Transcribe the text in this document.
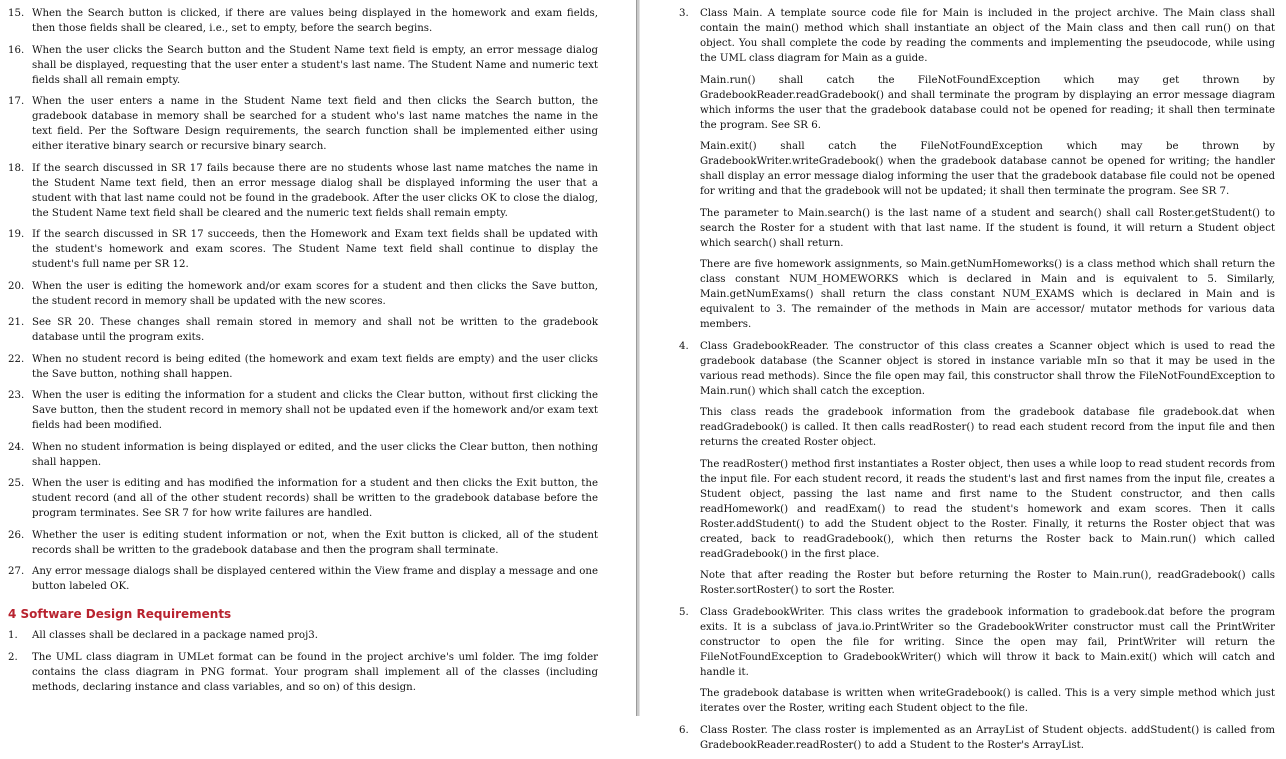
15. When the Search button is clicked, if there are values being displayed in the homework and exam fields, then those fields shall be cleared, i.e., set to empty, before the search begins.
16. When the user clicks the Search button and the Student Name text field is empty, an error message dialog shall be displayed, requesting that the user enter a student's last name. The Student Name and numeric text fields shall all remain empty.
17. When the user enters a name in the Student Name text field and then clicks the Search button, the gradebook database in memory shall be searched for a student who's last name matches the name in the text field. Per the Software Design requirements, the search function shall be implemented either using either iterative binary search or recursive binary search.
18. If the search discussed in SR 17 fails because there are no students whose last name matches the name in the Student Name text field, then an error message dialog shall be displayed informing the user that a student with that last name could not be found in the gradebook. After the user clicks OK to close the dialog, the Student Name text field shall be cleared and the numeric text fields shall remain empty.
19. If the search discussed in SR 17 succeeds, then the Homework and Exam text fields shall be updated with the student's homework and exam scores. The Student Name text field shall continue to display the student's full name per SR 12.
20. When the user is editing the homework and/or exam scores for a student and then clicks the Save button, the student record in memory shall be updated with the new scores.
21. See SR 20. These changes shall remain stored in memory and shall not be written to the gradebook database until the program exits.
22. When no student record is being edited (the homework and exam text fields are empty) and the user clicks the Save button, nothing shall happen.
23. When the user is editing the information for a student and clicks the Clear button, without first clicking the Save button, then the student record in memory shall not be updated even if the homework and/or exam text fields had been modified.
24. When no student information is being displayed or edited, and the user clicks the Clear button, then nothing shall happen.
25. When the user is editing and has modified the information for a student and then clicks the Exit button, the student record (and all of the other student records) shall be written to the gradebook database before the program terminates. See SR 7 for how write failures are handled.
26. Whether the user is editing student information or not, when the Exit button is clicked, all of the student records shall be written to the gradebook database and then the program shall terminate.
27. Any error message dialogs shall be displayed centered within the View frame and display a message and one button labeled OK.
4 Software Design Requirements
1.	All classes shall be declared in a package named proj3.
2.	The UML class diagram in UMLet format can be found in the project archive's uml folder. The img folder contains the class diagram in PNG format. Your program shall implement all of the classes (including methods, declaring instance and class variables, and so on) of this design.
3.	Class Main. A template source code file for Main is included in the project archive. The Main class shall contain the main() method which shall instantiate an object of the Main class and then call run() on that object. You shall complete the code by reading the comments and implementing the pseudocode, while using the UML class diagram for Main as a guide.
Main.run() shall catch the FileNotFoundException which may get thrown by GradebookReader.readGradebook() and shall terminate the program by displaying an error message diagram which informs the user that the gradebook database could not be opened for reading; it shall then terminate the program. See SR 6.
Main.exit() shall catch the FileNotFoundException which may be thrown by GradebookWriter.writeGradebook() when the gradebook database cannot be opened for writing; the handler shall display an error message dialog informing the user that the gradebook database file could not be opened for writing and that the gradebook will not be updated; it shall then terminate the program. See SR 7.
The parameter to Main.search() is the last name of a student and search() shall call Roster.getStudent() to search the Roster for a student with that last name. If the student is found, it will return a Student object which search() shall return.
There are five homework assignments, so Main.getNumHomeworks() is a class method which shall return the class constant NUM_HOMEWORKS which is declared in Main and is equivalent to 5. Similarly, Main.getNumExams() shall return the class constant NUM_EXAMS which is declared in Main and is equivalent to 3. The remainder of the methods in Main are accessor/ mutator methods for various data members.
4.	Class GradebookReader. The constructor of this class creates a Scanner object which is used to read the gradebook database (the Scanner object is stored in instance variable mIn so that it may be used in the various read methods). Since the file open may fail, this constructor shall throw the FileNotFoundException to Main.run() which shall catch the exception.
This class reads the gradebook information from the gradebook database file gradebook.dat when readGradebook() is called. It then calls readRoster() to read each student record from the input file and then returns the created Roster object.
The readRoster() method first instantiates a Roster object, then uses a while loop to read student records from the input file. For each student record, it reads the student's last and first names from the input file, creates a Student object, passing the last name and first name to the Student constructor, and then calls readHomework() and readExam() to read the student's homework and exam scores. Then it calls Roster.addStudent() to add the Student object to the Roster. Finally, it returns the Roster object that was created, back to readGradebook(), which then returns the Roster back to Main.run() which called readGradebook() in the first place.
Note that after reading the Roster but before returning the Roster to Main.run(), readGradebook() calls Roster.sortRoster() to sort the Roster.
5.	Class GradebookWriter. This class writes the gradebook information to gradebook.dat before the program exits. It is a subclass of java.io.PrintWriter so the GradebookWriter constructor must call the PrintWriter constructor to open the file for writing. Since the open may fail, PrintWriter will return the FileNotFoundException to GradebookWriter() which will throw it back to Main.exit() which will catch and handle it.
The gradebook database is written when writeGradebook() is called. This is a very simple method which just iterates over the Roster, writing each Student object to the file.
6.	Class Roster. The class roster is implemented as an ArrayList of Student objects. addStudent() is called from GradebookReader.readRoster() to add a Student to the Roster's ArrayList.
